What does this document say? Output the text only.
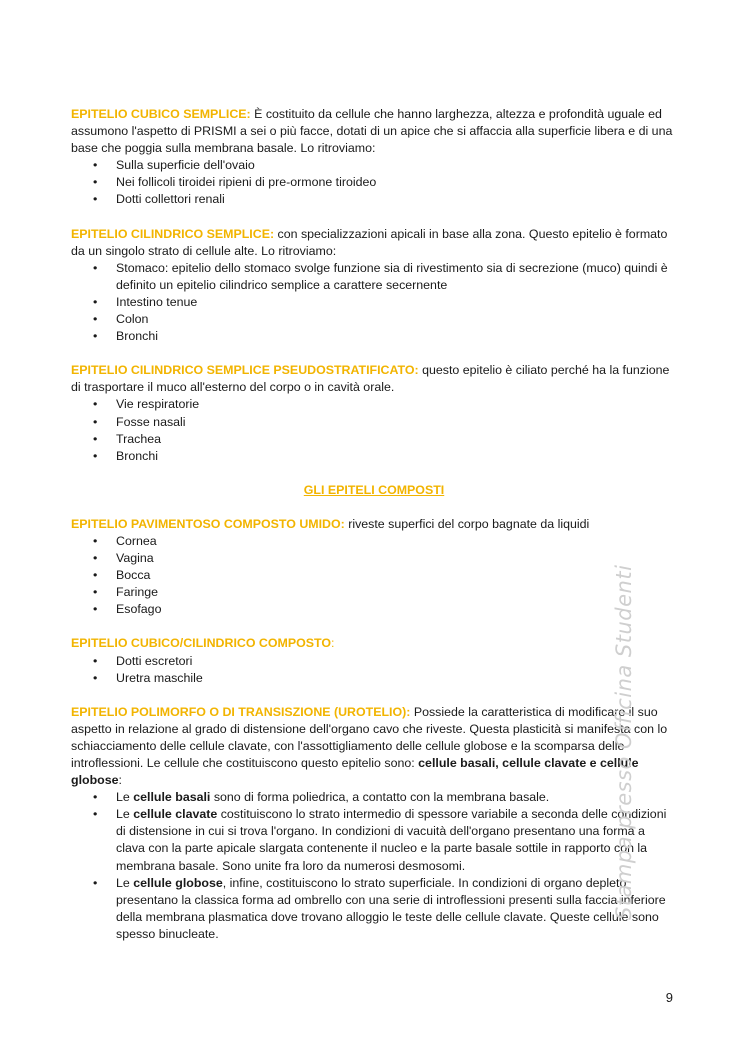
EPITELIO CUBICO SEMPLICE: È costituito da cellule che hanno larghezza, altezza e profondità uguale ed assumono l'aspetto di PRISMI a sei o più facce, dotati di un apice che si affaccia alla superficie libera e di una base che poggia sulla membrana basale. Lo ritroviamo:

• Sulla superficie dell'ovaio
• Nei follicoli tiroidei ripieni di pre-ormone tiroideo
• Dotti collettori renali

EPITELIO CILINDRICO SEMPLICE: con specializzazioni apicali in base alla zona. Questo epitelio è formato da un singolo strato di cellule alte. Lo ritroviamo:

• Stomaco: epitelio dello stomaco svolge funzione sia di rivestimento sia di secrezione (muco) quindi è definito un epitelio cilindrico semplice a carattere secernente
• Intestino tenue
• Colon
• Bronchi

EPITELIO CILINDRICO SEMPLICE PSEUDOSTRATIFICATO: questo epitelio è ciliato perché ha la funzione di trasportare il muco all'esterno del corpo o in cavità orale.

• Vie respiratorie
• Fosse nasali
• Trachea
• Bronchi

GLI EPITELI COMPOSTI

EPITELIO PAVIMENTOSO COMPOSTO UMIDO: riveste superfici del corpo bagnate da liquidi

• Cornea
• Vagina
• Bocca
• Faringe
• Esofago

EPITELIO CUBICO/CILINDRICO COMPOSTO:

• Dotti escretori
• Uretra maschile

EPITELIO POLIMORFO O DI TRANSISZIONE (UROTELIO): Possiede la caratteristica di modificare il suo aspetto in relazione al grado di distensione dell'organo cavo che riveste. Questa plasticità si manifesta con lo schiacciamento delle cellule clavate, con l'assottigliamento delle cellule globose e la scomparsa delle introflessioni. Le cellule che costituiscono questo epitelio sono: cellule basali, cellule clavate e cellule globose:

• Le cellule basali sono di forma poliedrica, a contatto con la membrana basale.
• Le cellule clavate costituiscono lo strato intermedio di spessore variabile a seconda delle condizioni di distensione in cui si trova l'organo. In condizioni di vacuità dell'organo presentano una forma a clava con la parte apicale slargata contenente il nucleo e la parte basale sottile in rapporto con la membrana basale. Sono unite fra loro da numerosi desmosomi.
• Le cellule globose, infine, costituiscono lo strato superficiale. In condizioni di organo depleto presentano la classica forma ad ombrello con una serie di introflessioni presenti sulla faccia inferiore della membrana plasmatica dove trovano alloggio le teste delle cellule clavate. Queste cellule sono spesso binucleate.
Stampa presso Officina Studenti
9
